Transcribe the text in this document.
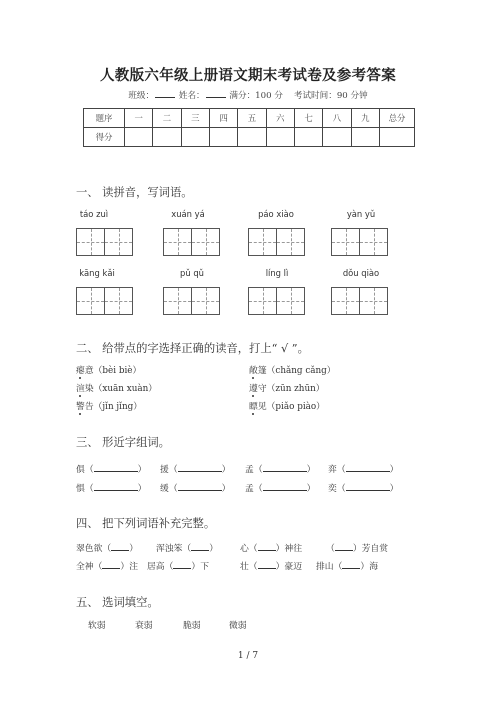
人教版六年级上册语文期末考试卷及参考答案
班级：	姓名：	满分：100 分 考试时间：90 分钟
题序	一	二	三	四	五	六	七	八	九	总分
得分										
一、 读拼音，写词语。
táo zuì	xuán yá	páo xiào	yàn yǔ
kāng kǎi	pǔ qǔ	líng lì	dǒu qiào
二、 给带点的字选择正确的读音，打上“ √ ”。
瘪意（bèi biè）	敞篷（chǎng cǎng）
渲染（xuān xuàn）	遵守（zūn zhūn）
警告（jǐn jǐng）	瞟见（piǎo piào）
三、 形近字组词。
俱（	） 援（	） 孟（	） 弈（	）
惧（	） 缓（	） 孟（	） 奕（	）
四、 把下列词语补充完整。
翠色欲（ ） 浑浊笨（ ） 心（ ）神往	（ ）芳自赏
全神（ ）注 居高（ ）下	壮（ ）豪迈 排山（ ）海
五、 选词填空。
软弱	衰弱	脆弱	微弱
1 / 7
